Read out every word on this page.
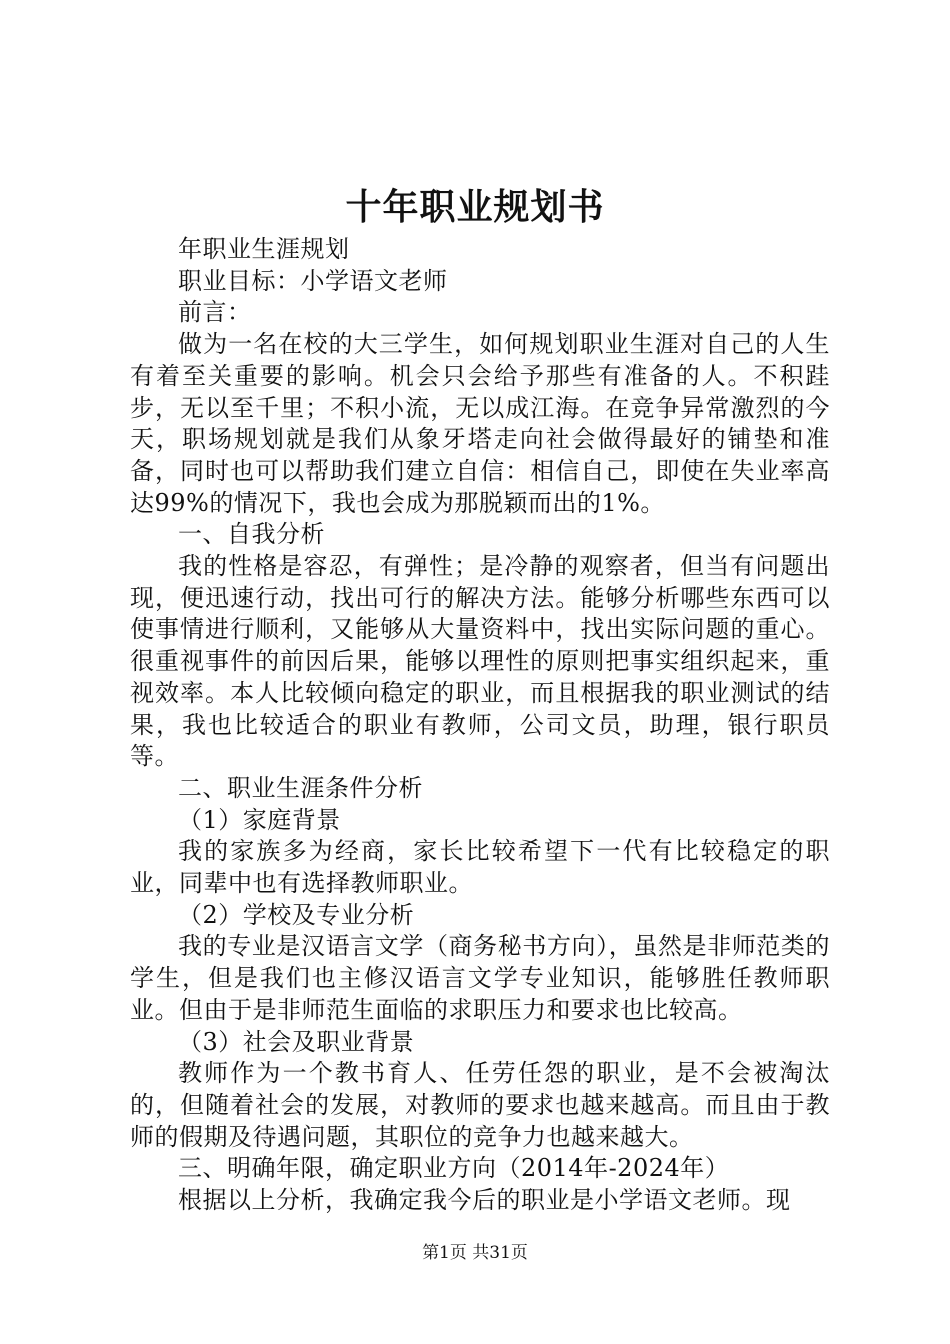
十年职业规划书

年职业生涯规划

职业目标：小学语文老师

前言：

做为一名在校的大三学生，如何规划职业生涯对自己的人生有着至关重要的影响。机会只会给予那些有准备的人。不积跬步，无以至千里；不积小流，无以成江海。在竞争异常激烈的今天，职场规划就是我们从象牙塔走向社会做得最好的铺垫和准备，同时也可以帮助我们建立自信：相信自己，即使在失业率高达99%的情况下，我也会成为那脱颖而出的1%。

一、自我分析

我的性格是容忍，有弹性；是冷静的观察者，但当有问题出现，便迅速行动，找出可行的解决方法。能够分析哪些东西可以使事情进行顺利，又能够从大量资料中，找出实际问题的重心。很重视事件的前因后果，能够以理性的原则把事实组织起来，重视效率。本人比较倾向稳定的职业，而且根据我的职业测试的结果，我也比较适合的职业有教师，公司文员，助理，银行职员等。

二、职业生涯条件分析

（1）家庭背景

我的家族多为经商，家长比较希望下一代有比较稳定的职业，同辈中也有选择教师职业。

（2）学校及专业分析

我的专业是汉语言文学（商务秘书方向），虽然是非师范类的学生，但是我们也主修汉语言文学专业知识，能够胜任教师职业。但由于是非师范生面临的求职压力和要求也比较高。

（3）社会及职业背景

教师作为一个教书育人、任劳任怨的职业，是不会被淘汰的，但随着社会的发展，对教师的要求也越来越高。而且由于教师的假期及待遇问题，其职位的竞争力也越来越大。

三、明确年限，确定职业方向（2014年-2024年）

根据以上分析，我确定我今后的职业是小学语文老师。现

第1页 共31页
